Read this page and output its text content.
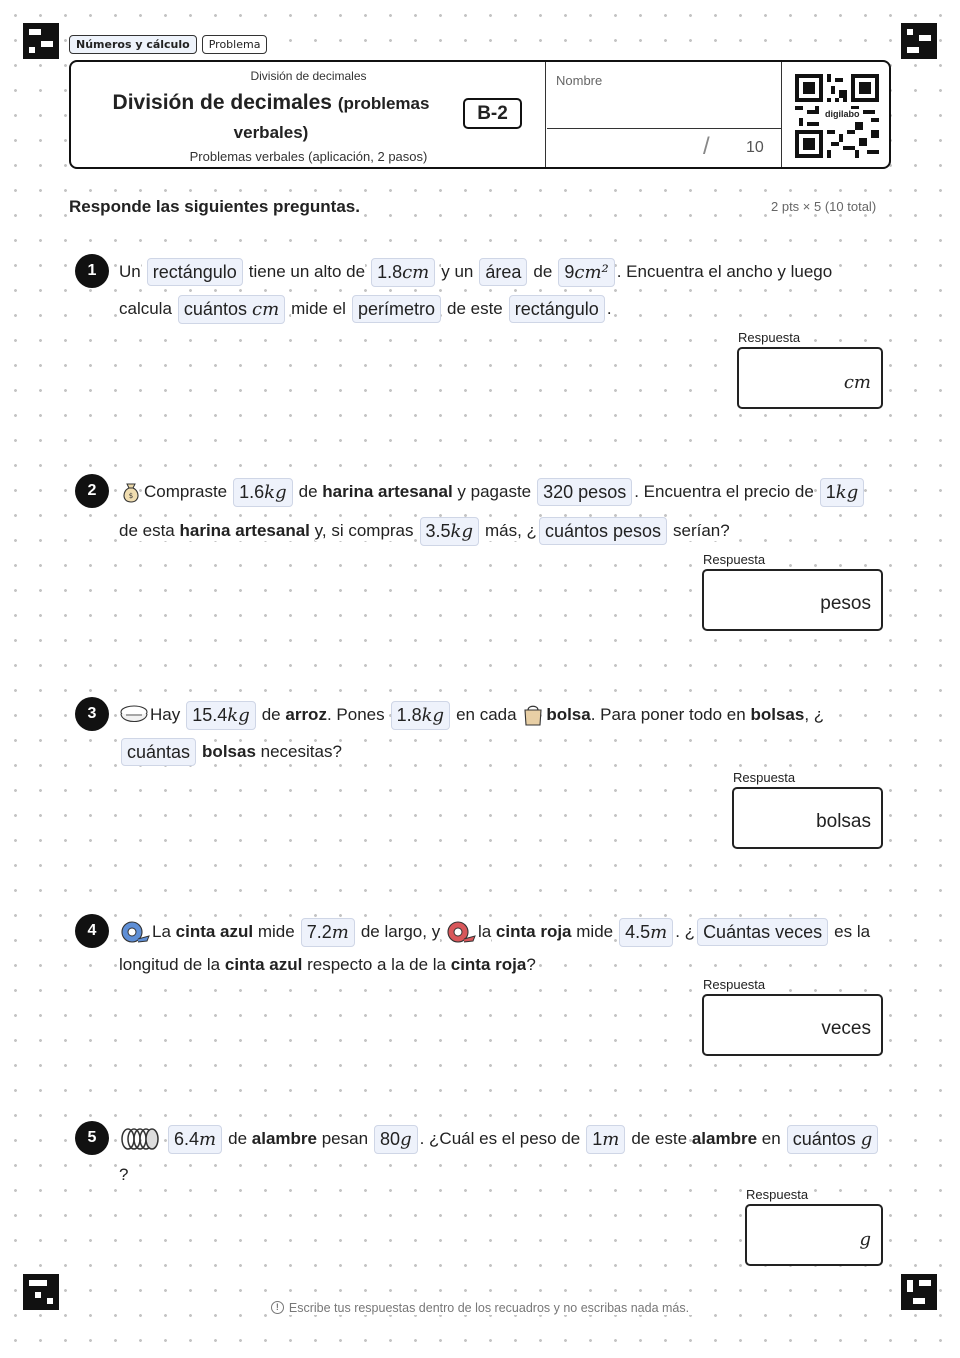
Números y cálculo	Problema
División de decimales
División de decimales (problemas verbales)
B-2
Problemas verbales (aplicación, 2 pasos)
Nombre
/ 10
digilabo
Responde las siguientes preguntas.	2 pts × 5 (10 total)
1	Un rectángulo tiene un alto de 1.8cm y un área de 9cm² . Encuentra el ancho y luego
calcula cuántos cm mide el perímetro de este rectángulo .
Respuesta
cm
2	$ Compraste 1.6kg de
harina artesanal
y pagaste 320 pesos . Encuentra el precio de 1kg
de esta
harina artesanal
y, si compras 3.5kg más, ¿ cuántos pesos serían?
Respuesta
pesos
3	Hay 15.4kg de
arroz . Pones 1.8kg en cada
bolsa . Para poner todo en
bolsas , ¿
cuántas bolsas
necesitas?
Respuesta
bolsas
4	La
cinta azul
mide 7.2m de largo, y
la
cinta roja
mide 4.5m . ¿ Cuántas veces es la
longitud de la
cinta azul
respecto a la de la
cinta roja ?
Respuesta
veces
5	6.4m de
alambre
pesan 80g . ¿Cuál es el peso de 1m de este
alambre
en cuántos g
?
Respuesta
g
! Escribe tus respuestas dentro de los recuadros y no escribas nada más.
